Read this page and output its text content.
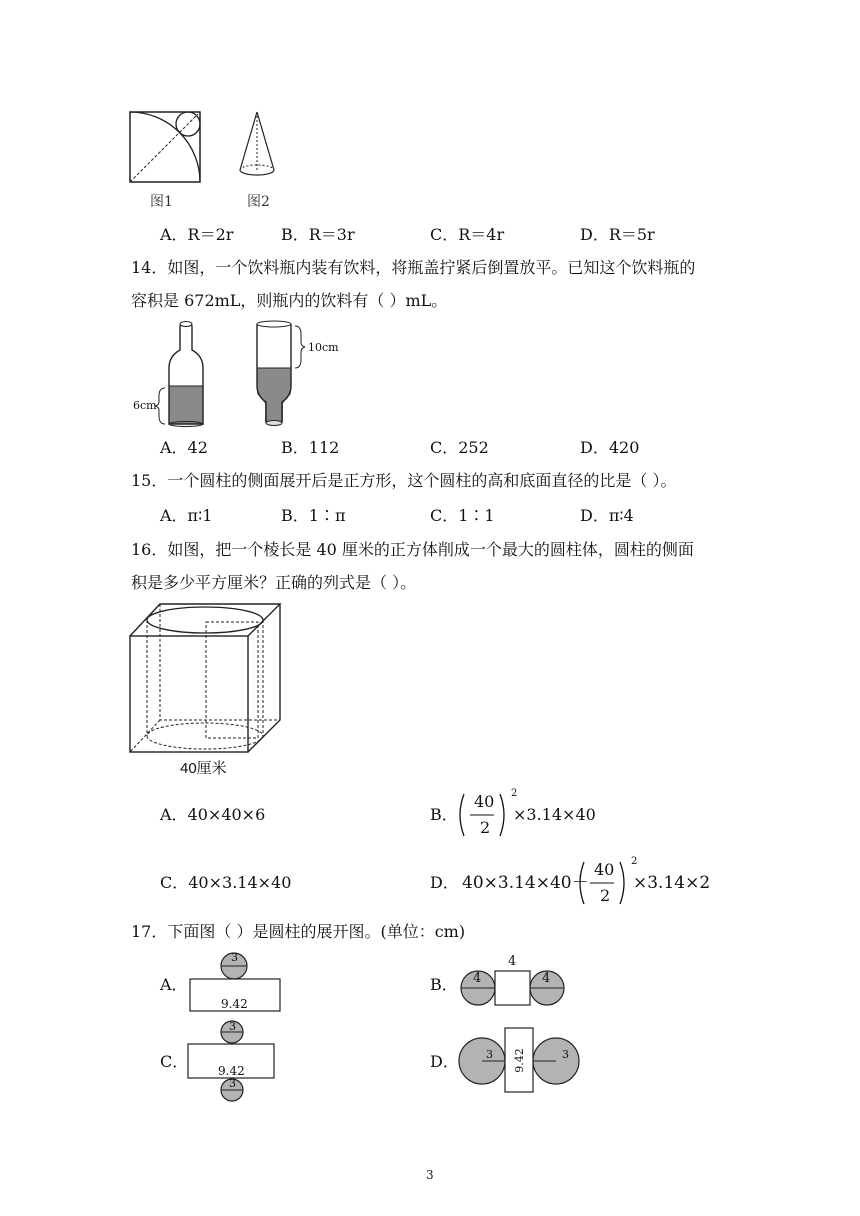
图1	图2
A．R＝2r	B．R＝3r	C．R＝4r	D．R＝5r
14．如图，一个饮料瓶内装有饮料，将瓶盖拧紧后倒置放平。已知这个饮料瓶的
容积是 672mL，则瓶内的饮料有（ ）mL。
6cm
10cm
A．42	B．112	C．252	D．420
15．一个圆柱的侧面展开后是正方形，这个圆柱的高和底面直径的比是（ ）。
A．π∶1	B．1∶π	C．1∶1	D．π∶4
16．如图，把一个棱长是 40 厘米的正方体削成一个最大的圆柱体，圆柱的侧面
积是多少平方厘米？正确的列式是（ ）。
40厘米
A．40×40×6	B．
40
2
2
×3.14×40
C．40×3.14×40	D． 40×3.14×40＋
40
2
2
×3.14×2
17．下面图（ ）是圆柱的展开图。(单位：cm)
A．
3
9.42
B．
4
4	4
C．
3
9.42
3
D． 3 9.42	3
3
